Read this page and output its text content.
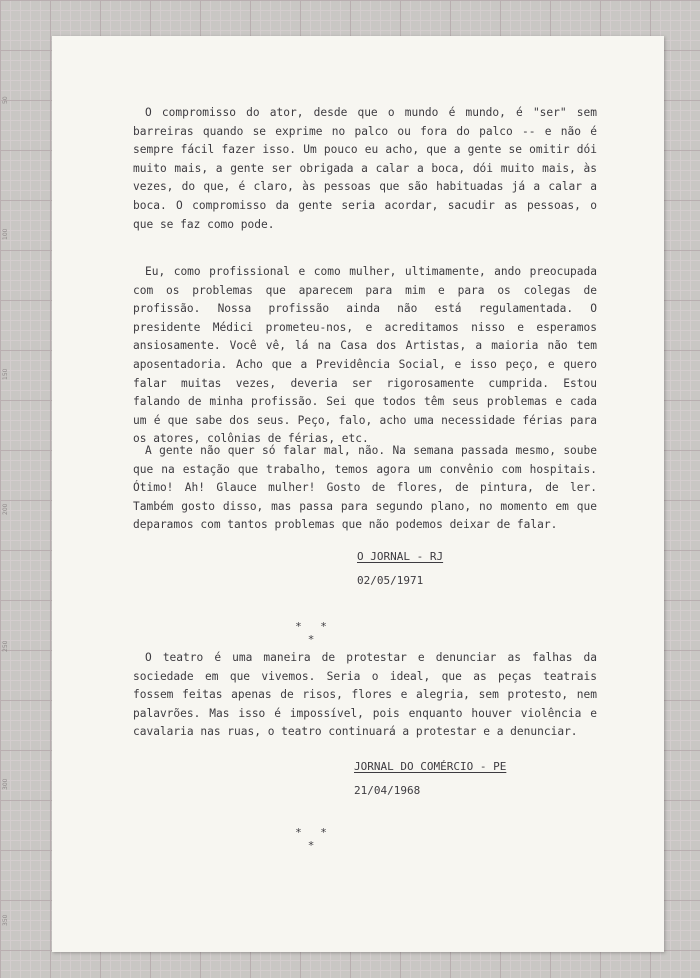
50
100
150
200
250
300
350

O compromisso do ator, desde que o mundo é mundo, é "ser" sem barreiras quando se exprime no palco ou fora do palco -- e não é sempre fácil fazer isso. Um pouco eu acho, que a gente se omitir dói muito mais, a gente ser obrigada a calar a boca, dói muito mais, às vezes, do que, é claro, às pessoas que são habituadas já a calar a boca. O compromisso da gente seria acordar, sacudir as pessoas, o que se faz como pode.

Eu, como profissional e como mulher, ultimamente, ando preocupada com os problemas que aparecem para mim e para os colegas de profissão. Nossa profissão ainda não está regulamentada. O presidente Médici prometeu-nos, e acreditamos nisso e esperamos ansiosamente. Você vê, lá na Casa dos Artistas, a maioria não tem aposentadoria. Acho que a Previdência Social, e isso peço, e quero falar muitas vezes, deveria ser rigorosamente cumprida. Estou falando de minha profissão. Sei que todos têm seus problemas e cada um é que sabe dos seus. Peço, falo, acho uma necessidade férias para os atores, colônias de férias, etc.

A gente não quer só falar mal, não. Na semana passada mesmo, soube que na estação que trabalho, temos agora um convênio com hospitais. Ótimo! Ah! Glauce mulher! Gosto de flores, de pintura, de ler. Também gosto disso, mas passa para segundo plano, no momento em que deparamos com tantos problemas que não podemos deixar de falar.

O JORNAL - RJ
02/05/1971
* * *

O teatro é uma maneira de protestar e denunciar as falhas da sociedade em que vivemos. Seria o ideal, que as peças teatrais fossem feitas apenas de risos, flores e alegria, sem protesto, nem palavrões. Mas isso é impossível, pois enquanto houver violência e cavalaria nas ruas, o teatro continuará a protestar e a denunciar.

JORNAL DO COMÉRCIO - PE
21/04/1968
* * *
